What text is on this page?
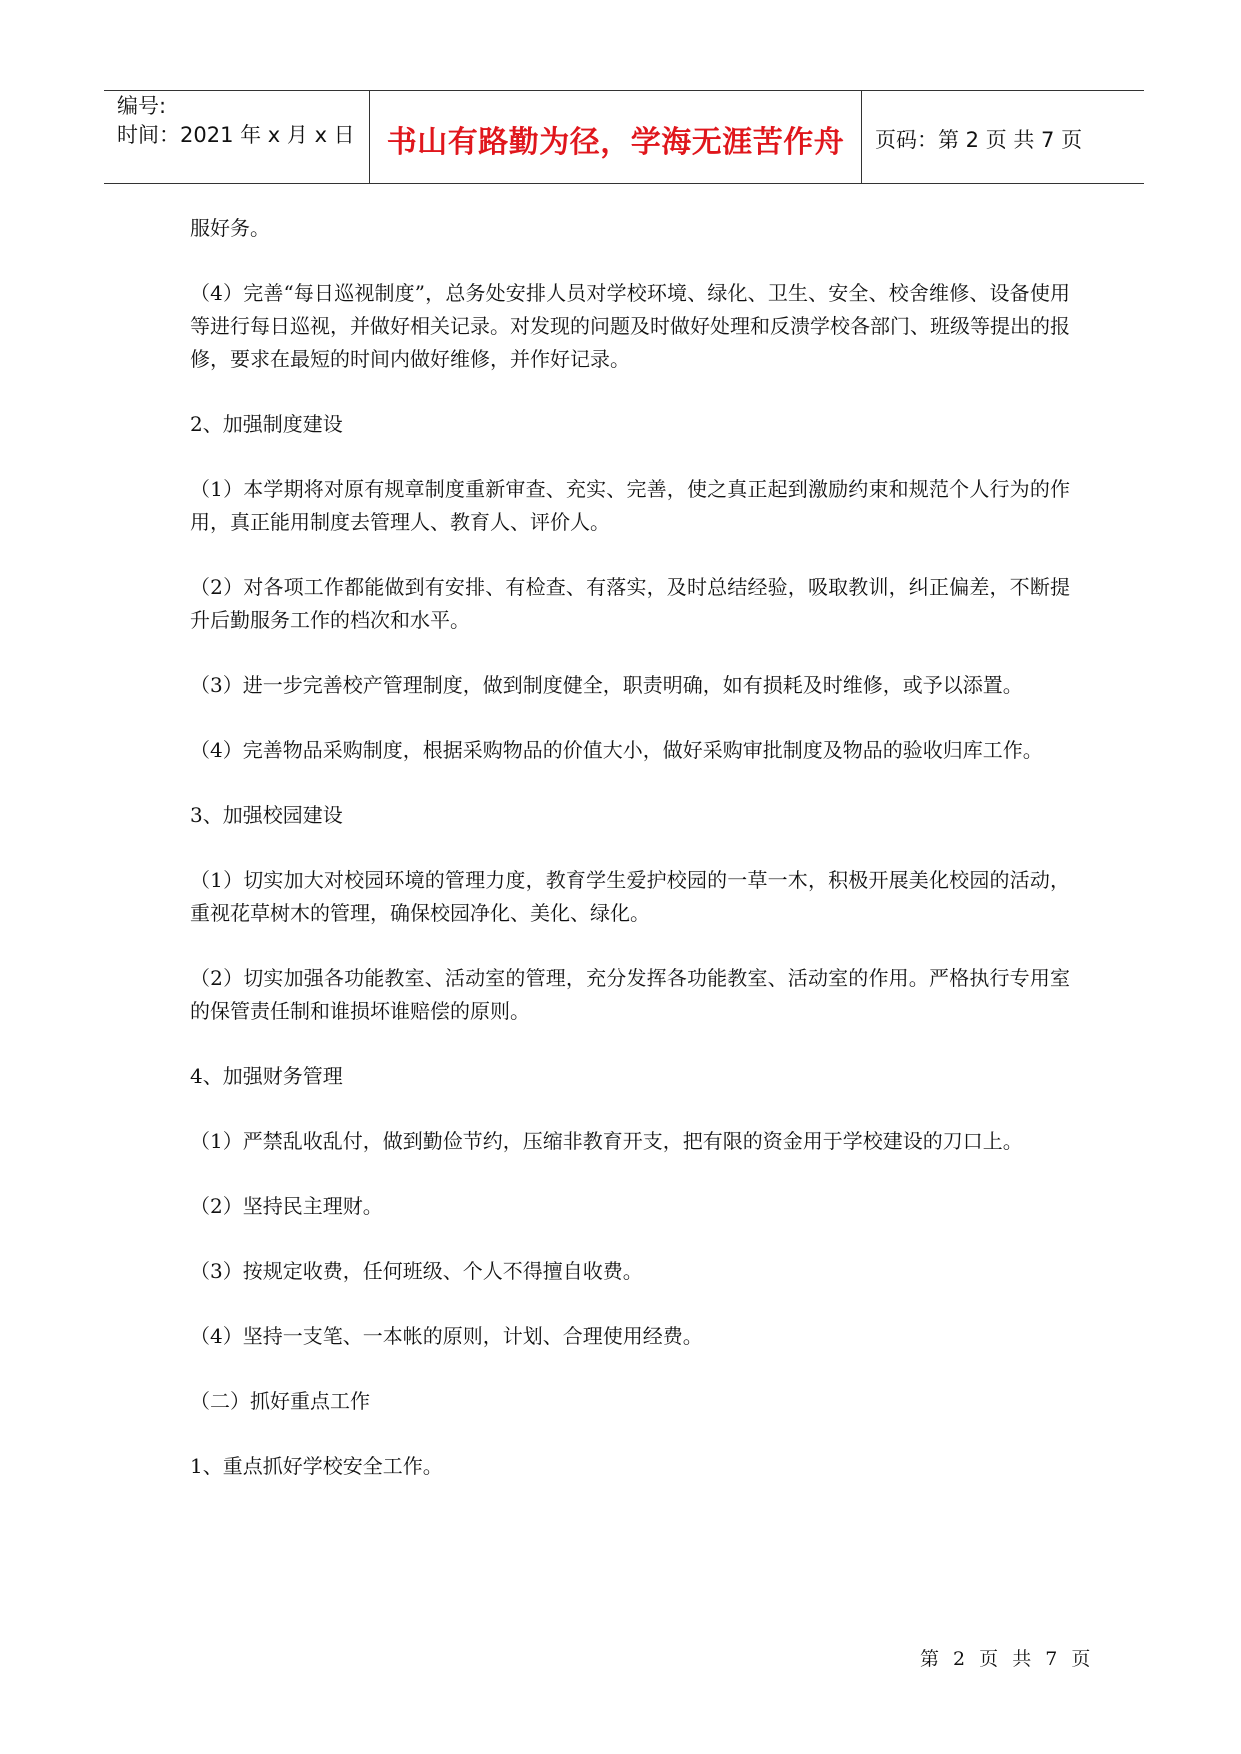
编号:
时间：2021 年 x 月 x 日	书山有路勤为径，学海无涯苦作舟	页码：第 2 页 共 7 页

服好务。

（4）完善“每日巡视制度”，总务处安排人员对学校环境、绿化、卫生、安全、校舍维修、设备使用等进行每日巡视，并做好相关记录。对发现的问题及时做好处理和反溃学校各部门、班级等提出的报修，要求在最短的时间内做好维修，并作好记录。

2、加强制度建设

（1）本学期将对原有规章制度重新审查、充实、完善，使之真正起到激励约束和规范个人行为的作用，真正能用制度去管理人、教育人、评价人。

（2）对各项工作都能做到有安排、有检查、有落实，及时总结经验，吸取教训，纠正偏差，不断提升后勤服务工作的档次和水平。

（3）进一步完善校产管理制度，做到制度健全，职责明确，如有损耗及时维修，或予以添置。

（4）完善物品采购制度，根据采购物品的价值大小，做好采购审批制度及物品的验收归库工作。

3、加强校园建设

（1）切实加大对校园环境的管理力度，教育学生爱护校园的一草一木，积极开展美化校园的活动，重视花草树木的管理，确保校园净化、美化、绿化。

（2）切实加强各功能教室、活动室的管理，充分发挥各功能教室、活动室的作用。严格执行专用室的保管责任制和谁损坏谁赔偿的原则。

4、加强财务管理

（1）严禁乱收乱付，做到勤俭节约，压缩非教育开支，把有限的资金用于学校建设的刀口上。

（2）坚持民主理财。

（3）按规定收费，任何班级、个人不得擅自收费。

（4）坚持一支笔、一本帐的原则，计划、合理使用经费。

（二）抓好重点工作

1、重点抓好学校安全工作。

第 2 页 共 7 页
